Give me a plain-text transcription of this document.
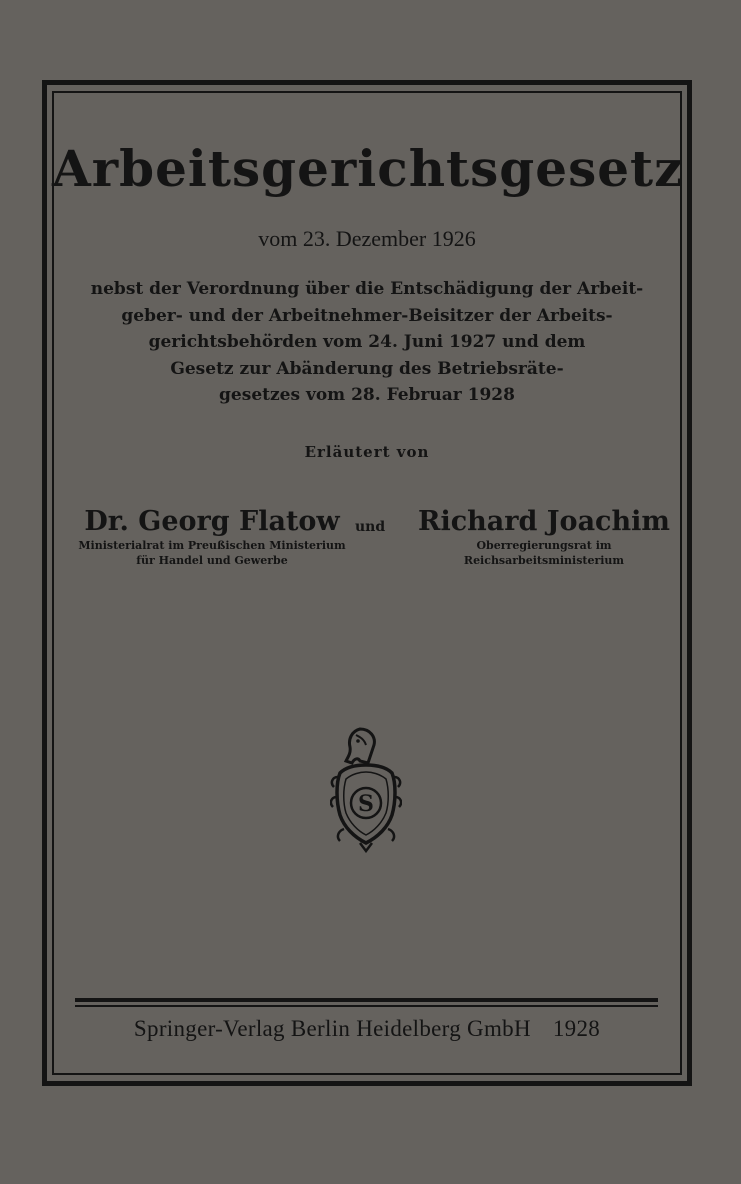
Arbeitsgerichtsgesetz
vom 23. Dezember 1926
nebst der Verordnung über die Entschädigung der Arbeit-
geber- und der Arbeitnehmer-Beisitzer der Arbeits-
gerichtsbehörden vom 24. Juni 1927 und dem
Gesetz zur Abänderung des Betriebsräte-
gesetzes vom 28. Februar 1928
Erläutert von
Dr. Georg Flatow
Ministerialrat im Preußischen Ministerium
für Handel und Gewerbe
und	Richard Joachim
Oberregierungsrat im
Reichsarbeitsministerium
S
Springer-Verlag Berlin Heidelberg GmbH 1928
